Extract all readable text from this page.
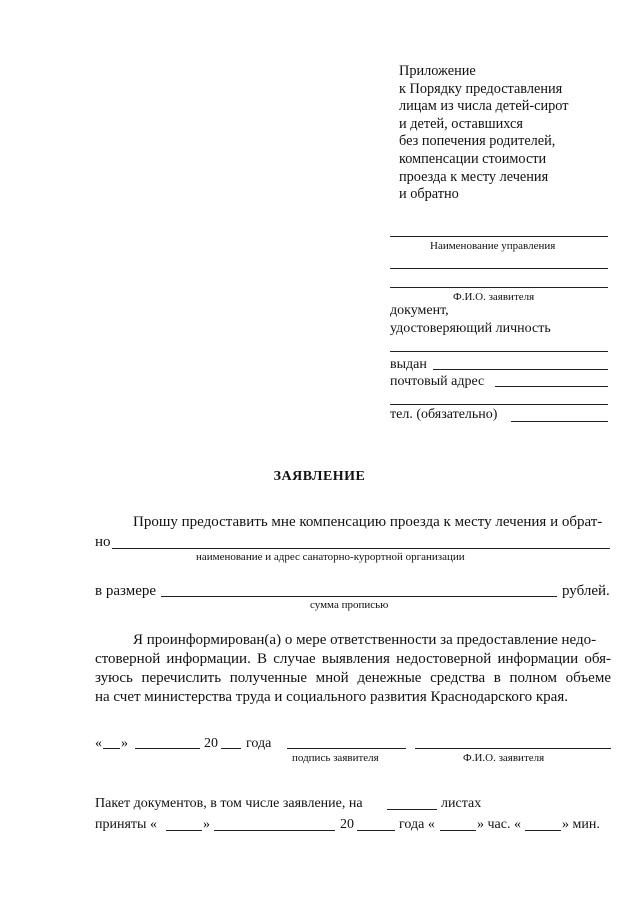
Приложение
к Порядку предоставления
лицам из числа детей-сирот
и детей, оставшихся
без попечения родителей,
компенсации стоимости
проезда к месту лечения
и обратно
Наименование управления
Ф.И.О. заявителя
документ,
удостоверяющий личность
выдан
почтовый адрес
тел. (обязательно)
ЗАЯВЛЕНИЕ
Прошу предоставить мне компенсацию проезда к месту лечения и обрат-
но
наименование и адрес санаторно-курортной организации
в размере	рублей.
сумма прописью
Я проинформирован(а) о мере ответственности за предоставление недо-
стоверной информации. В случае выявления недостоверной информации обя-
зуюсь перечислить полученные мной денежные средства в полном объеме
на счет министерства труда и социального развития Краснодарского края.
« »	20 года
подпись заявителя	Ф.И.О. заявителя
Пакет документов, в том числе заявление, на	листах
приняты «	»	20	года «	» час. «	» мин.
